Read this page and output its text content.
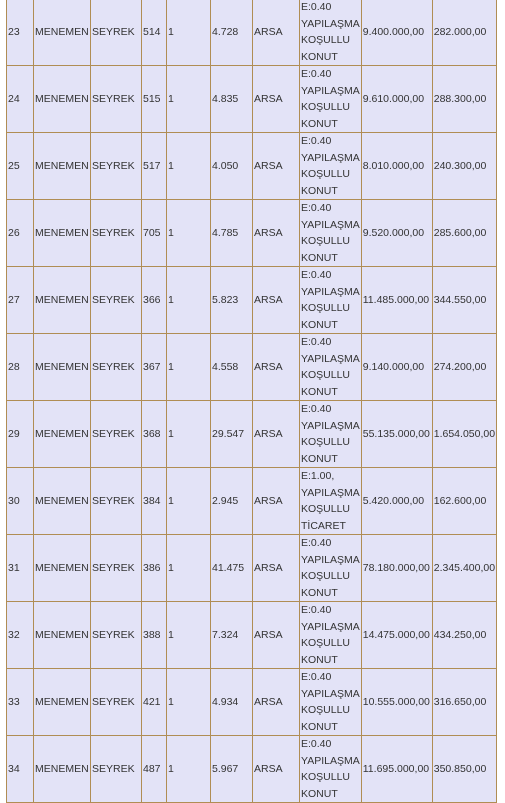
23	MENEMEN	SEYREK	514	1	4.728	ARSA	E:0.40
YAPILAŞMA
KOŞULLU
KONUT	9.400.000,00	282.000,00
24	MENEMEN	SEYREK	515	1	4.835	ARSA	E:0.40
YAPILAŞMA
KOŞULLU
KONUT	9.610.000,00	288.300,00
25	MENEMEN	SEYREK	517	1	4.050	ARSA	E:0.40
YAPILAŞMA
KOŞULLU
KONUT	8.010.000,00	240.300,00
26	MENEMEN	SEYREK	705	1	4.785	ARSA	E:0.40
YAPILAŞMA
KOŞULLU
KONUT	9.520.000,00	285.600,00
27	MENEMEN	SEYREK	366	1	5.823	ARSA	E:0.40
YAPILAŞMA
KOŞULLU
KONUT	11.485.000,00	344.550,00
28	MENEMEN	SEYREK	367	1	4.558	ARSA	E:0.40
YAPILAŞMA
KOŞULLU
KONUT	9.140.000,00	274.200,00
29	MENEMEN	SEYREK	368	1	29.547	ARSA	E:0.40
YAPILAŞMA
KOŞULLU
KONUT	55.135.000,00	1.654.050,00
30	MENEMEN	SEYREK	384	1	2.945	ARSA	E:1.00,
YAPILAŞMA
KOŞULLU
TİCARET	5.420.000,00	162.600,00
31	MENEMEN	SEYREK	386	1	41.475	ARSA	E:0.40
YAPILAŞMA
KOŞULLU
KONUT	78.180.000,00	2.345.400,00
32	MENEMEN	SEYREK	388	1	7.324	ARSA	E:0.40
YAPILAŞMA
KOŞULLU
KONUT	14.475.000,00	434.250,00
33	MENEMEN	SEYREK	421	1	4.934	ARSA	E:0.40
YAPILAŞMA
KOŞULLU
KONUT	10.555.000,00	316.650,00
34	MENEMEN	SEYREK	487	1	5.967	ARSA	E:0.40
YAPILAŞMA
KOŞULLU
KONUT	11.695.000,00	350.850,00
